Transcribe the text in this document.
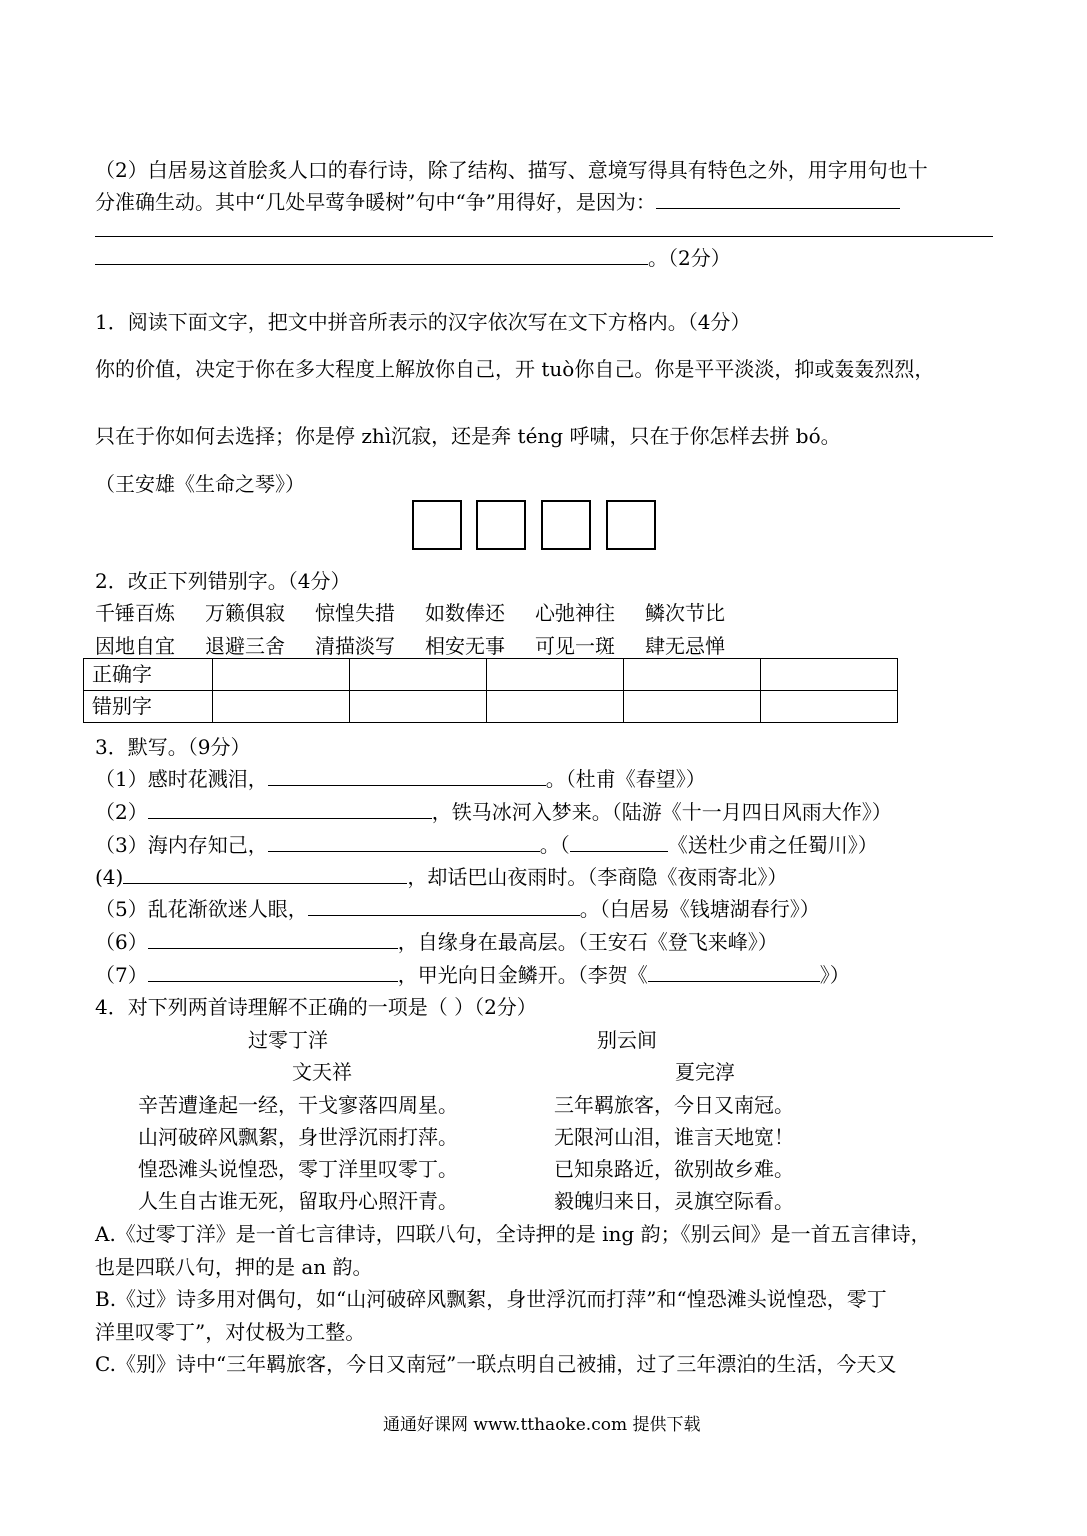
（2）白居易这首脍炙人口的春行诗，除了结构、描写、意境写得具有特色之外，用字用句也十
分准确生动。其中“几处早莺争暖树”句中“争”用得好，是因为：
。（2分）
1．阅读下面文字，把文中拼音所表示的汉字依次写在文下方格内。（4分）
你的价值，决定于你在多大程度上解放你自己，开 tuò你自己。你是平平淡淡，抑或轰轰烈烈，
只在于你如何去选择；你是停 zhì沉寂，还是奔 téng 呼啸，只在于你怎样去拼 bó。
（王安雄《生命之琴》）
2．改正下列错别字。（4分）
千锤百炼 万籁俱寂 惊惶失措 如数俸还 心弛神往 鳞次节比
因地自宜 退避三舍 清描淡写 相安无事 可见一斑 肆无忌惮
正确字					
错别字					
3．默写。（9分）
（1）感时花溅泪，	。（杜甫《春望》）
（2）	，铁马冰河入梦来。（陆游《十一月四日风雨大作》）
（3）海内存知己，	。（	《送杜少甫之任蜀川》）
(4)	，却话巴山夜雨时。（李商隐《夜雨寄北》）
（5）乱花渐欲迷人眼，	。（白居易《钱塘湖春行》）
（6）	，自缘身在最高层。（王安石《登飞来峰》）
（7）	，甲光向日金鳞开。（李贺《	》）
4．对下列两首诗理解不正确的一项是（ ）（2分）
过零丁洋	别云间
文天祥	夏完淳
辛苦遭逢起一经，干戈寥落四周星。
山河破碎风飘絮，身世浮沉雨打萍。
惶恐滩头说惶恐，零丁洋里叹零丁。
人生自古谁无死，留取丹心照汗青。
三年羁旅客，今日又南冠。
无限河山泪，谁言天地宽！
已知泉路近，欲别故乡难。
毅魄归来日，灵旗空际看。
A.《过零丁洋》是一首七言律诗，四联八句，全诗押的是 ing 韵；《别云间》是一首五言律诗，
也是四联八句，押的是 an 韵。
B.《过》诗多用对偶句，如“山河破碎风飘絮，身世浮沉而打萍”和“惶恐滩头说惶恐，零丁
洋里叹零丁”，对仗极为工整。
C.《别》诗中“三年羁旅客，今日又南冠”一联点明自己被捕，过了三年漂泊的生活，今天又
通通好课网 www.tthaoke.com 提供下载
